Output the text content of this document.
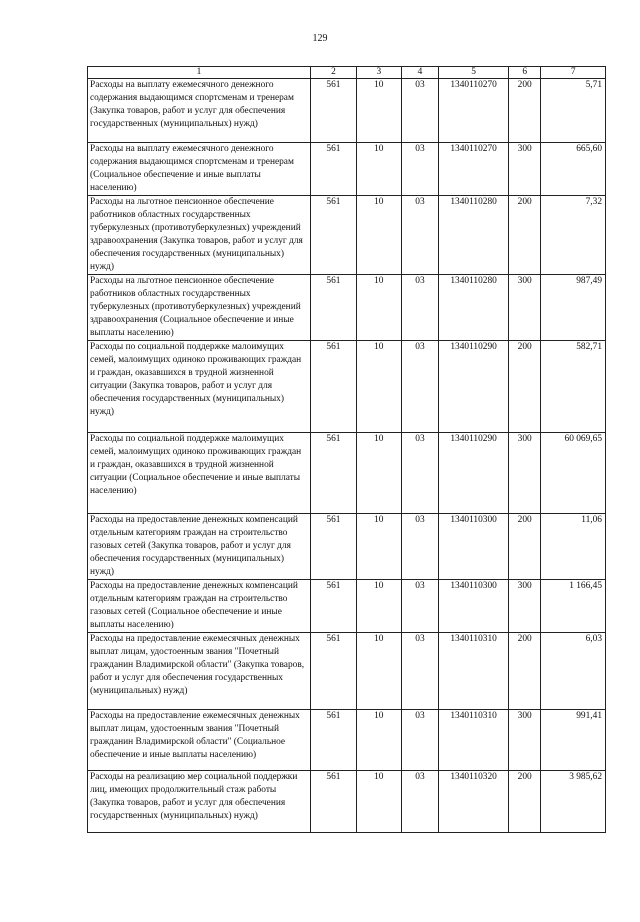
129
1	2	3	4	5	6	7
Расходы на выплату ежемесячного денежного содержания выдающимся спортсменам и тренерам (Закупка товаров, работ и услуг для обеспечения государственных (муниципальных) нужд)	561	10	03	1340110270	200	5,71
Расходы на выплату ежемесячного денежного содержания выдающимся спортсменам и тренерам (Социальное обеспечение и иные выплаты населению)	561	10	03	1340110270	300	665,60
Расходы на льготное пенсионное обеспечение работников областных государственных туберкулезных (противотуберкулезных) учреждений здравоохранения (Закупка товаров, работ и услуг для обеспечения государственных (муниципальных) нужд)	561	10	03	1340110280	200	7,32
Расходы на льготное пенсионное обеспечение работников областных государственных туберкулезных (противотуберкулезных) учреждений здравоохранения (Социальное обеспечение и иные выплаты населению)	561	10	03	1340110280	300	987,49
Расходы по социальной поддержке малоимущих семей, малоимущих одиноко проживающих граждан и граждан, оказавшихся в трудной жизненной ситуации (Закупка товаров, работ и услуг для обеспечения государственных (муниципальных) нужд)	561	10	03	1340110290	200	582,71
Расходы по социальной поддержке малоимущих семей, малоимущих одиноко проживающих граждан и граждан, оказавшихся в трудной жизненной ситуации (Социальное обеспечение и иные выплаты населению)	561	10	03	1340110290	300	60 069,65
Расходы на предоставление денежных компенсаций отдельным категориям граждан на строительство газовых сетей (Закупка товаров, работ и услуг для обеспечения государственных (муниципальных) нужд)	561	10	03	1340110300	200	11,06
Расходы на предоставление денежных компенсаций отдельным категориям граждан на строительство газовых сетей (Социальное обеспечение и иные выплаты населению)	561	10	03	1340110300	300	1 166,45
Расходы на предоставление ежемесячных денежных выплат лицам, удостоенным звания "Почетный гражданин Владимирской области" (Закупка товаров, работ и услуг для обеспечения государственных (муниципальных) нужд)	561	10	03	1340110310	200	6,03
Расходы на предоставление ежемесячных денежных выплат лицам, удостоенным звания "Почетный гражданин Владимирской области" (Социальное обеспечение и иные выплаты населению)	561	10	03	1340110310	300	991,41
Расходы на реализацию мер социальной поддержки лиц, имеющих продолжительный стаж работы (Закупка товаров, работ и услуг для обеспечения государственных (муниципальных) нужд)	561	10	03	1340110320	200	3 985,62
